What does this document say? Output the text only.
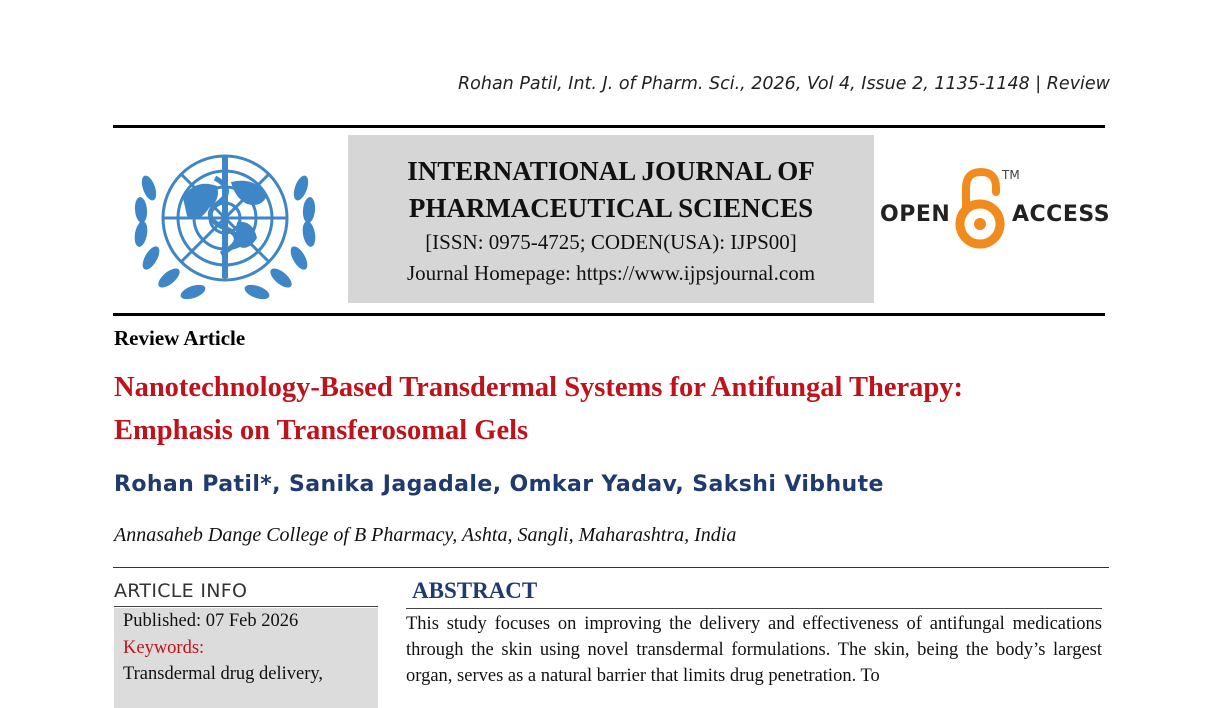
Rohan Patil, Int. J. of Pharm. Sci., 2026, Vol 4, Issue 2, 1135-1148 | Review
INTERNATIONAL JOURNAL OF
PHARMACEUTICAL SCIENCES
[ISSN: 0975-4725; CODEN(USA): IJPS00]
Journal Homepage: https://www.ijpsjournal.com
OPEN
TM
ACCESS
Review Article
Nanotechnology-Based Transdermal Systems for Antifungal Therapy:
Emphasis on Transferosomal Gels
Rohan Patil*, Sanika Jagadale, Omkar Yadav, Sakshi Vibhute
Annasaheb Dange College of B Pharmacy, Ashta, Sangli, Maharashtra, India
ARTICLE INFO
Published: 07 Feb 2026
Keywords:
Transdermal drug delivery,
ABSTRACT
This study focuses on improving the delivery and effectiveness of antifungal medications through the skin using novel transdermal formulations. The skin, being the body’s largest organ, serves as a natural barrier that limits drug penetration. To
